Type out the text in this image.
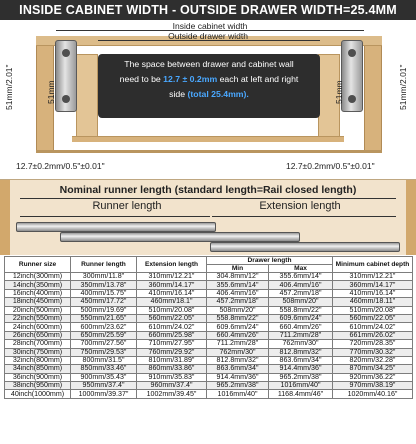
INSIDE CABINET WIDTH - OUTSIDE DRAWER WIDTH=25.4MM
Inside cabinet width
Outside drawer width
51mm/2.01"	51mm	51mm	51mm/2.01"
The space between drawer and cabinet wall
need to be 12.7 ± 0.2mm each at left and right
side (total 25.4mm).
12.7±0.2mm/0.5"±0.01"	12.7±0.2mm/0.5"±0.01"
Nominal runner length (standard length=Rail closed length)
Runner length	Extension length
Runner size	Runner length	Extension length	Drawer length		Minimum cabinet depth
			Min	Max	
12inch(300mm)	300mm/11.8"	310mm/12.21"	304.8mm/12"	355.6mm/14"	310mm/12.21"
14inch(350mm)	350mm/13.78"	360mm/14.17"	355.6mm/14"	406.4mm/16"	360mm/14.17"
16inch(400mm)	400mm/15.75"	410mm/16.14"	406.4mm/16"	457.2mm/18"	410mm/16.14"
18inch(450mm)	450mm/17.72"	460mm/18.1"	457.2mm/18"	508mm/20"	460mm/18.11"
20inch(500mm)	500mm/19.69"	510mm/20.08"	508mm/20"	558.8mm/22"	510mm/20.08"
22inch(550mm)	550mm/21.65"	560mm/22.05"	558.8mm/22"	609.6mm/24"	560mm/22.05"
24inch(600mm)	600mm/23.62"	610mm/24.02"	609.6mm/24"	660.4mm/26"	610mm/24.02"
26inch(650mm)	650mm/25.59"	660mm/25.98"	660.4mm/26"	711.2mm/28"	661mm/26.02"
28inch(700mm)	700mm/27.56"	710mm/27.95"	711.2mm/28"	762mm/30"	720mm/28.35"
30inch(750mm)	750mm/29.53"	760mm/29.92"	762mm/30"	812.8mm/32"	770mm/30.32"
32inch(800mm)	800mm/31.5"	810mm/31.89"	812.8mm/32"	863.6mm/34"	820mm/32.28"
34inch(850mm)	850mm/33.46"	860mm/33.86"	863.6mm/34"	914.4mm/36"	870mm/34.25"
36inch(900mm)	900mm/35.43"	910mm/35.83"	914.4mm/36"	965.2mm/38"	920mm/36.22"
38inch(950mm)	950mm/37.4"	960mm/37.4"	965.2mm/38"	1016mm/40"	970mm/38.19"
40inch(1000mm)	1000mm/39.37"	1002mm/39.45"	1016mm/40"	1168.4mm/46"	1020mm/40.16"
